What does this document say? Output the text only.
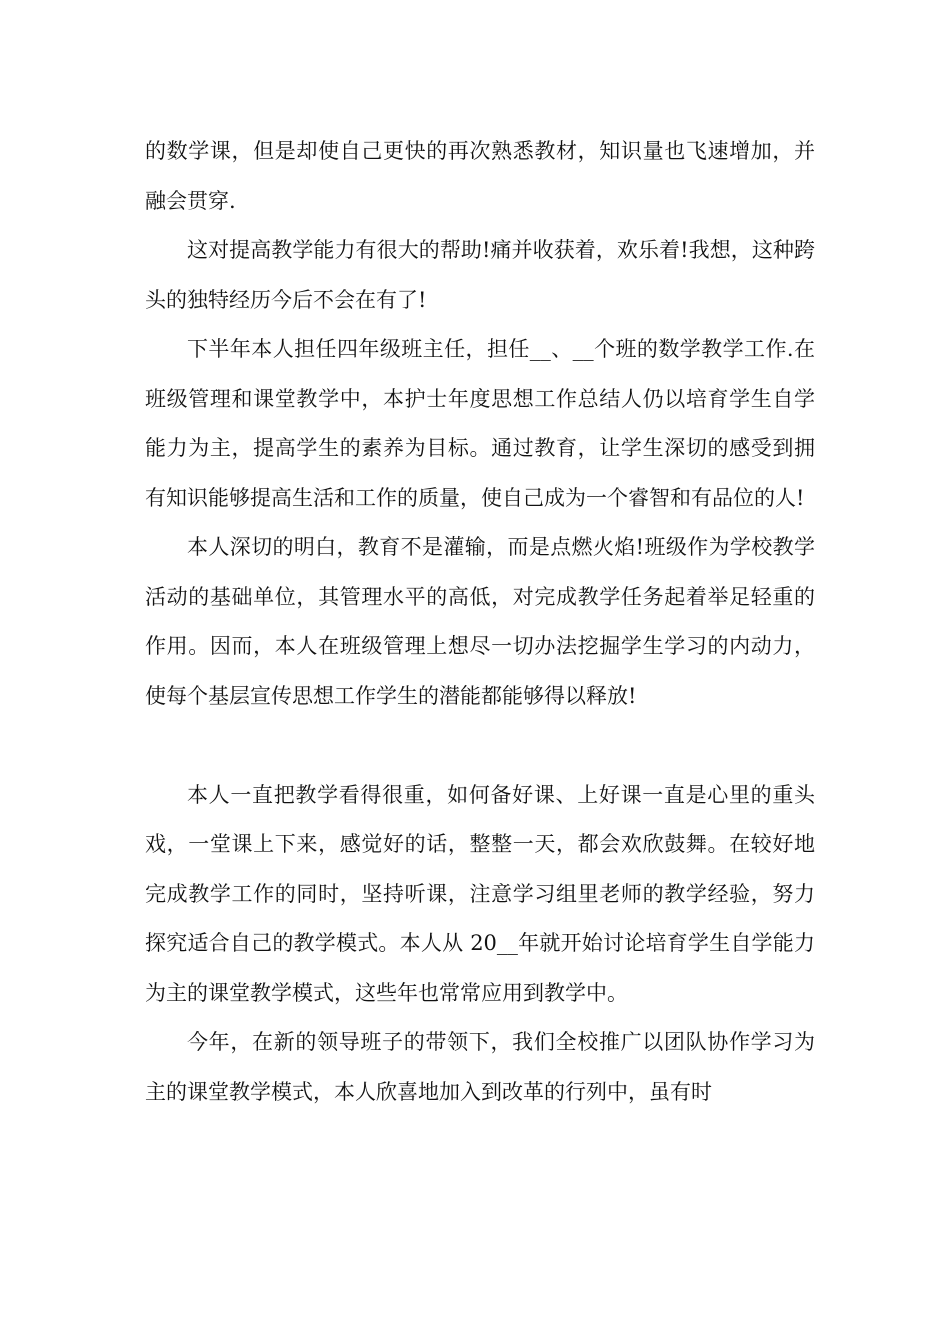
的数学课，但是却使自己更快的再次熟悉教材，知识量也飞速增加，并融会贯穿.

这对提高教学能力有很大的帮助!痛并收获着，欢乐着!我想，这种跨头的独特经历今后不会在有了!

下半年本人担任四年级班主任，担任__、__个班的数学教学工作.在班级管理和课堂教学中，本护士年度思想工作总结人仍以培育学生自学能力为主，提高学生的素养为目标。通过教育，让学生深切的感受到拥有知识能够提高生活和工作的质量，使自己成为一个睿智和有品位的人!

本人深切的明白，教育不是灌输，而是点燃火焰!班级作为学校教学活动的基础单位，其管理水平的高低，对完成教学任务起着举足轻重的作用。因而，本人在班级管理上想尽一切办法挖掘学生学习的内动力，使每个基层宣传思想工作学生的潜能都能够得以释放!

本人一直把教学看得很重，如何备好课、上好课一直是心里的重头戏，一堂课上下来，感觉好的话，整整一天，都会欢欣鼓舞。在较好地完成教学工作的同时，坚持听课，注意学习组里老师的教学经验，努力探究适合自己的教学模式。本人从 20__年就开始讨论培育学生自学能力为主的课堂教学模式，这些年也常常应用到教学中。

今年，在新的领导班子的带领下，我们全校推广以团队协作学习为主的课堂教学模式，本人欣喜地加入到改革的行列中，虽有时
